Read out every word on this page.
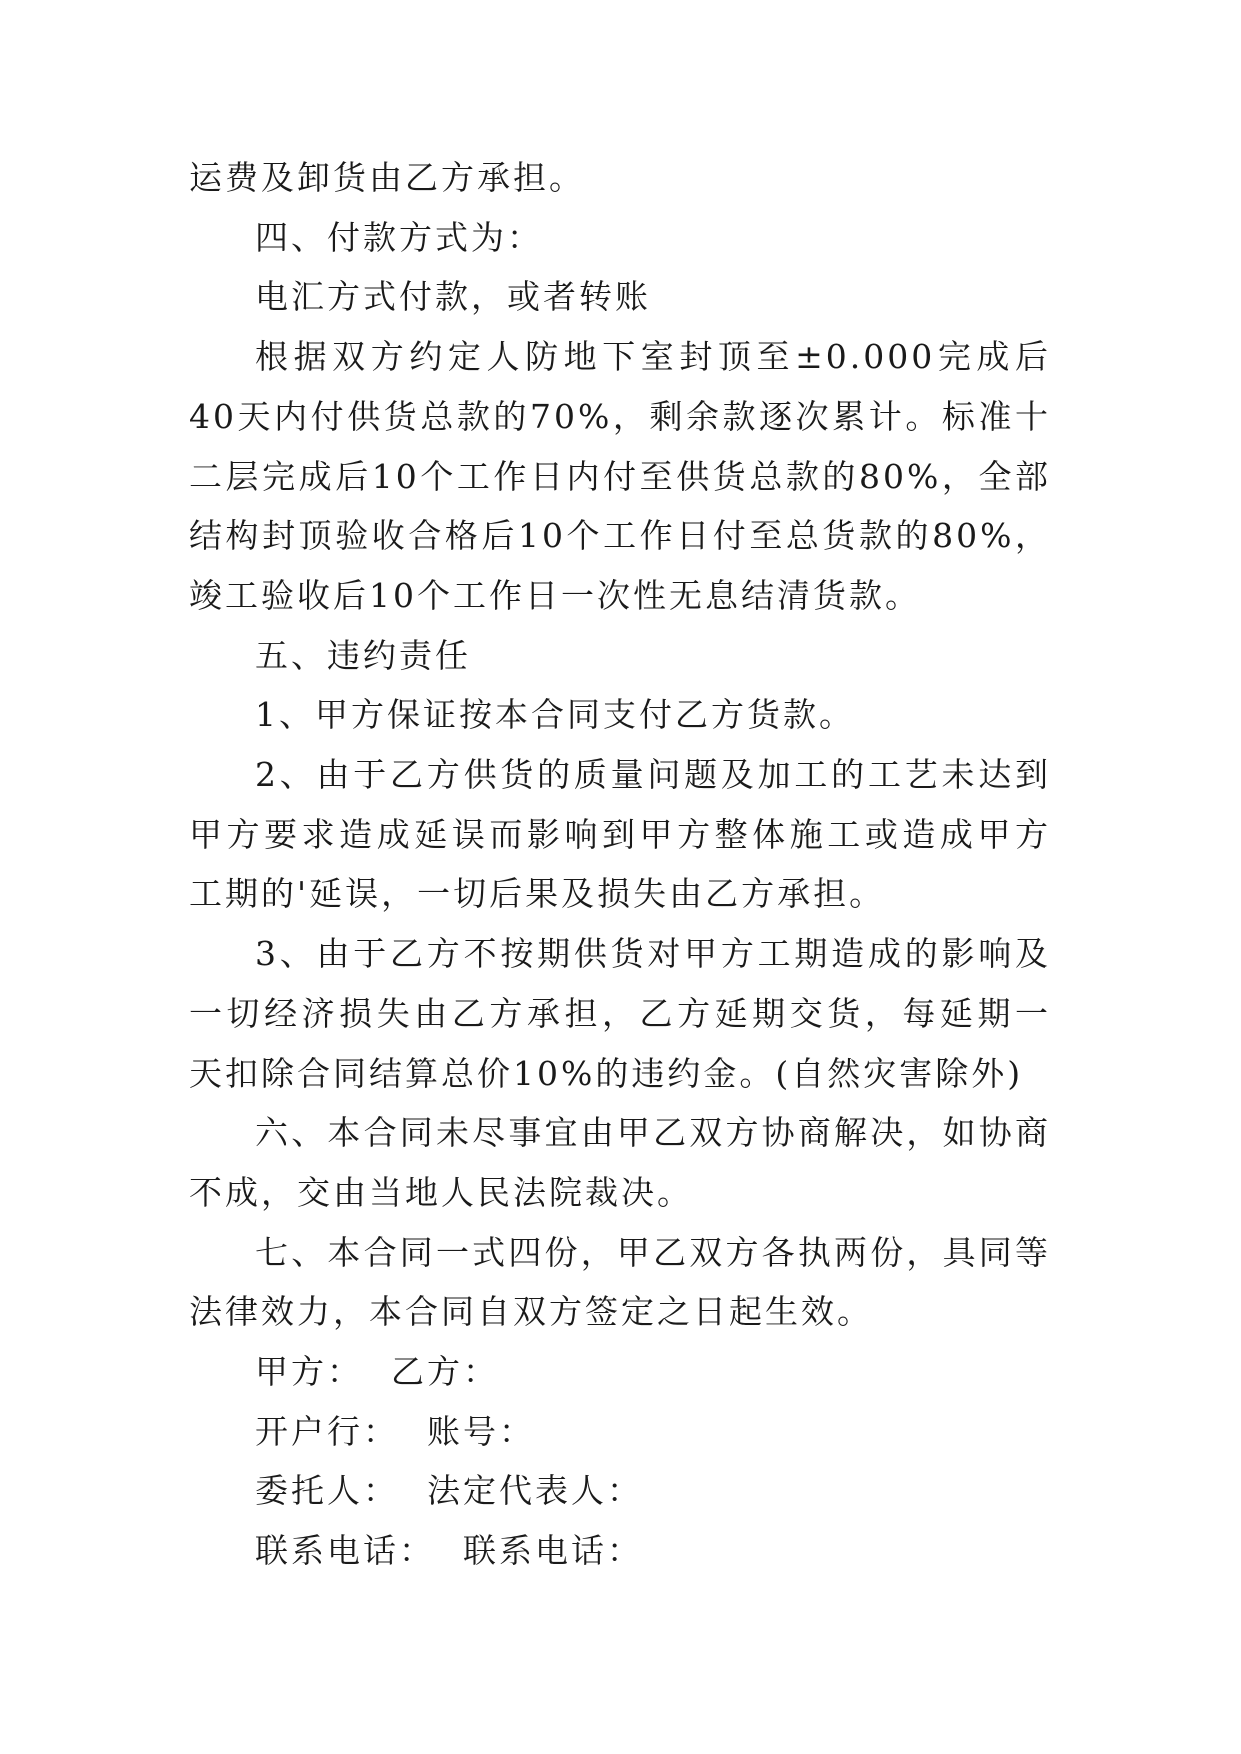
运费及卸货由乙方承担。

四、付款方式为：

电汇方式付款，或者转账

根据双方约定人防地下室封顶至±0.000完成后40天内付供货总款的70%，剩余款逐次累计。标准十二层完成后10个工作日内付至供货总款的80%，全部结构封顶验收合格后10个工作日付至总货款的80%，竣工验收后10个工作日一次性无息结清货款。

五、违约责任

1、甲方保证按本合同支付乙方货款。

2、由于乙方供货的质量问题及加工的工艺未达到甲方要求造成延误而影响到甲方整体施工或造成甲方工期的'延误，一切后果及损失由乙方承担。

3、由于乙方不按期供货对甲方工期造成的影响及一切经济损失由乙方承担，乙方延期交货，每延期一天扣除合同结算总价10%的违约金。(自然灾害除外)

六、本合同未尽事宜由甲乙双方协商解决，如协商不成，交由当地人民法院裁决。

七、本合同一式四份，甲乙双方各执两份，具同等法律效力，本合同自双方签定之日起生效。

甲方： 乙方：
开户行： 账号：
委托人： 法定代表人：
联系电话： 联系电话：
